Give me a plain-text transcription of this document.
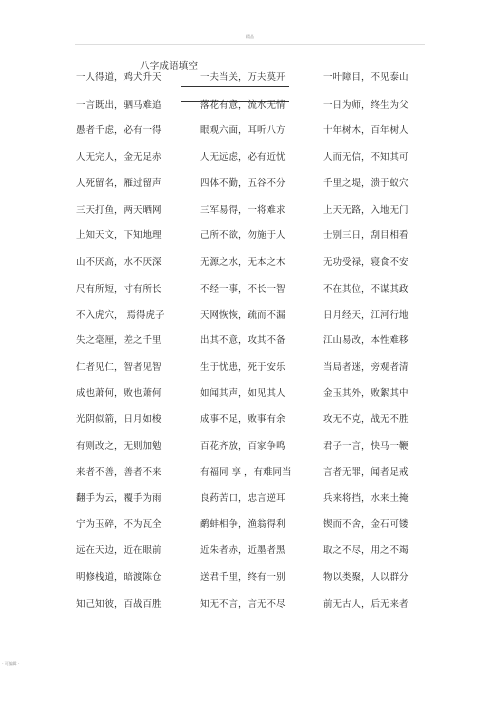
精品
八字成语填空
一人得道，鸡犬升天	一夫当关，万夫莫开	一叶障目，不见泰山
一言既出，驷马难追	落花有意，流水无情	一日为师，终生为父
愚者千虑，必有一得	眼观六面，耳听八方	十年树木，百年树人
人无完人，金无足赤	人无远虑，必有近忧	人而无信，不知其可
人死留名，雁过留声	四体不勤，五谷不分	千里之堤，溃于蚁穴
三天打鱼，两天晒网	三军易得，一将难求	上天无路，入地无门
上知天文，下知地理	己所不欲，勿施于人	士别三日，刮目相看
山不厌高，水不厌深	无源之水，无本之木	无功受禄，寝食不安
尺有所短，寸有所长	不经一事，不长一智	不在其位，不谋其政
不入虎穴， 焉得虎子	天网恢恢，疏而不漏	日月经天，江河行地
失之毫厘，差之千里	出其不意，攻其不备	江山易改，本性难移
仁者见仁，智者见智	生于忧患，死于安乐	当局者迷，旁观者清
成也萧何，败也萧何	如闻其声，如见其人	金玉其外，败絮其中
光阴似箭，日月如梭	成事不足，败事有余	攻无不克，战无不胜
有则改之，无则加勉	百花齐放，百家争鸣	君子一言，快马一鞭
来者不善，善者不来	有福同 享 ，有难同当	言者无罪，闻者足戒
翻手为云，覆手为雨	良药苦口，忠言逆耳	兵来将挡，水来土掩
宁为玉碎，不为瓦全	鹬蚌相争，渔翁得利	锲而不舍，金石可镂
远在天边，近在眼前	近朱者赤，近墨者黑	取之不尽，用之不竭
明修栈道，暗渡陈仓	送君千里，终有一别	物以类聚，人以群分
知己知彼，百战百胜	知无不言，言无不尽	前无古人，后无来者
- 可编辑 -
